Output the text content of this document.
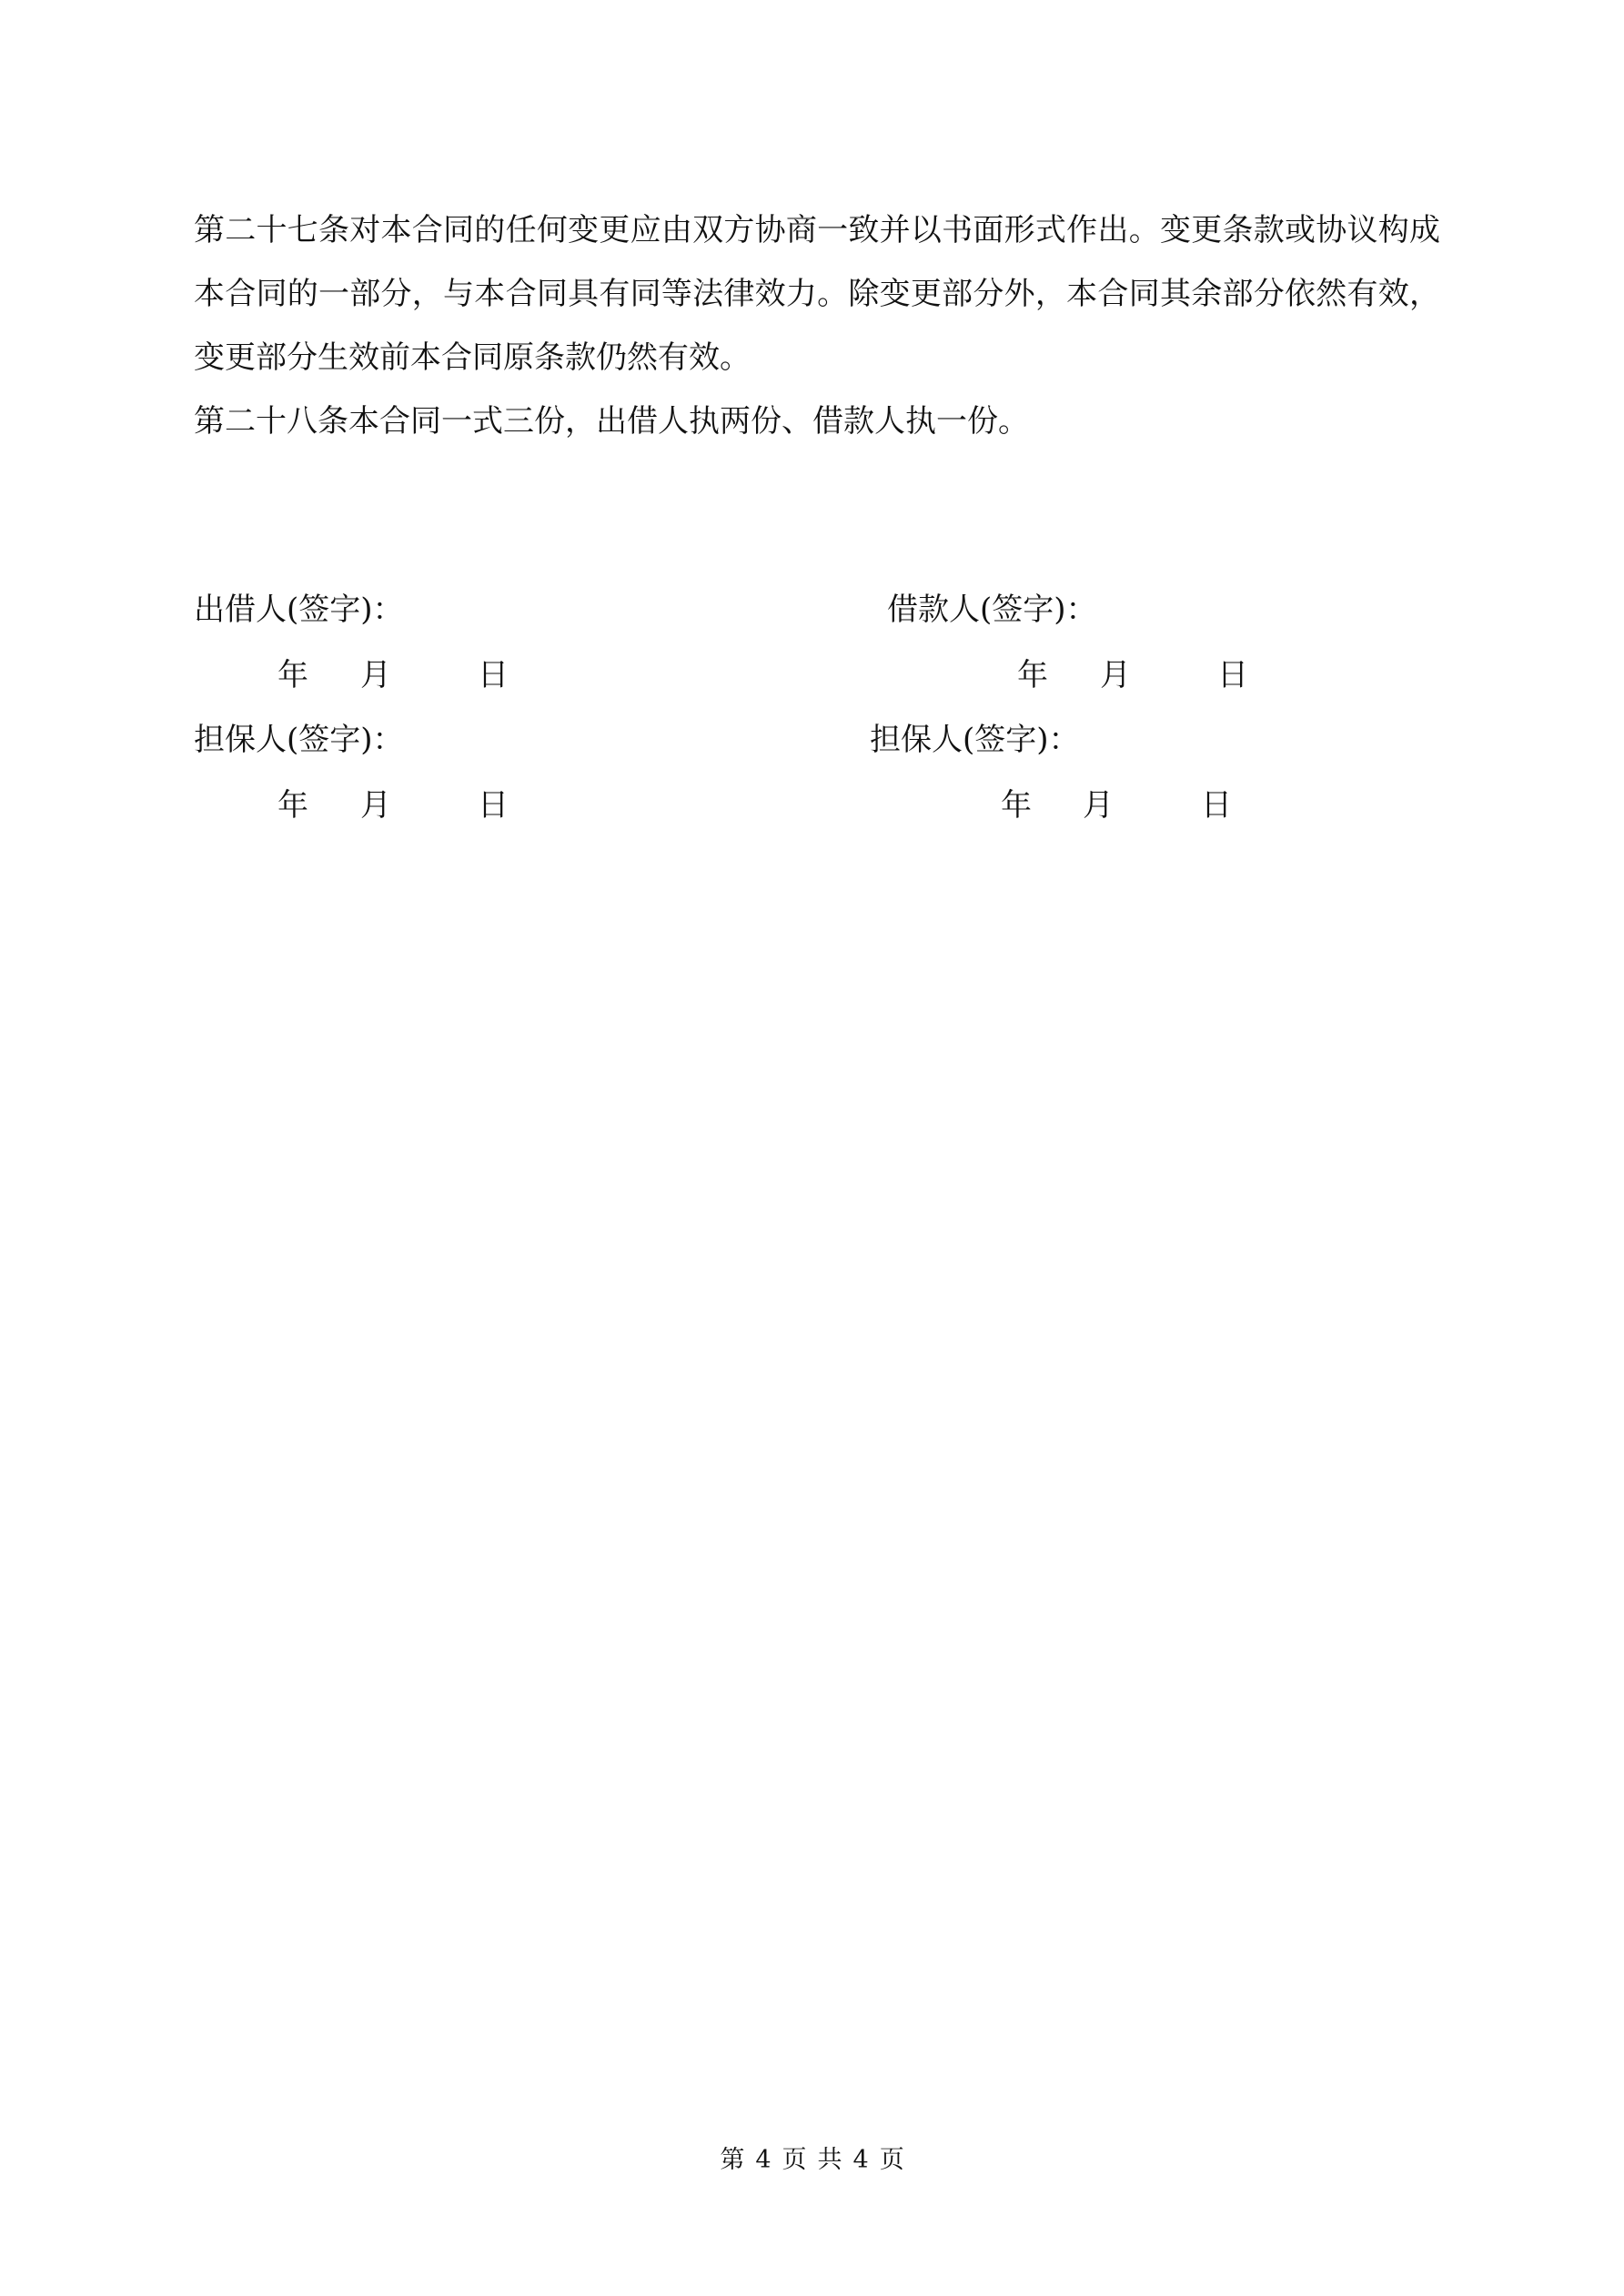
第二十七条对本合同的任何变更应由双方协商一致并以书面形式作出。变更条款或协议构成本合同的一部分，与本合同具有同等法律效力。除变更部分外，本合同其余部分依然有效，变更部分生效前本合同原条款仍然有效。

第二十八条本合同一式三份，出借人执两份、借款人执一份。

出借人(签字)：
年 月	日
借款人(签字)：
年 月	日
担保人(签字)：
年 月	日
担保人(签字)：
年 月	日
第 4 页 共 4 页
